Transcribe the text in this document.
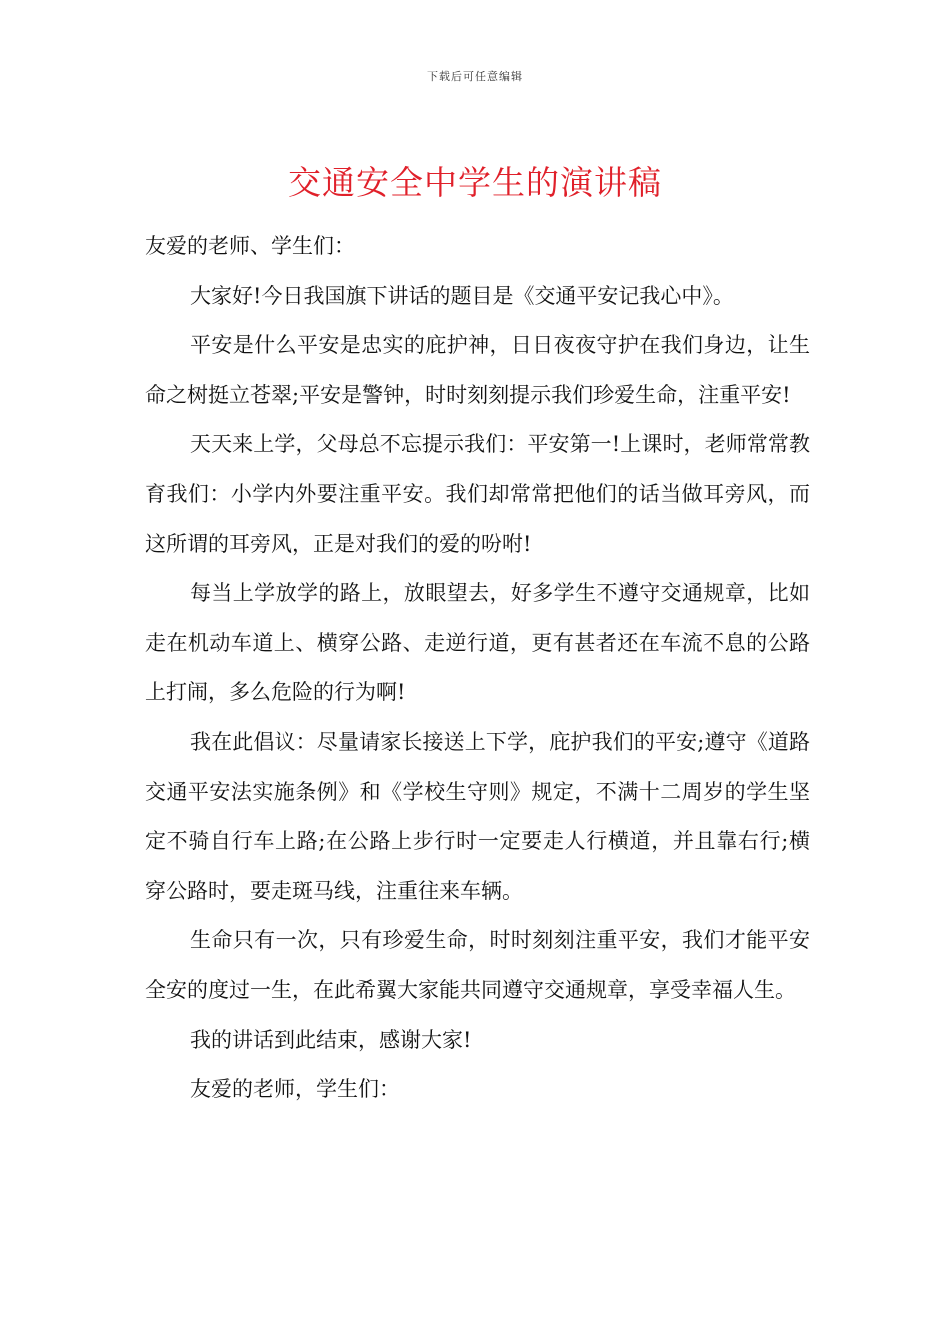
下载后可任意编辑
交通安全中学生的演讲稿

友爱的老师、学生们：

大家好!今日我国旗下讲话的题目是《交通平安记我心中》。

平安是什么平安是忠实的庇护神，日日夜夜守护在我们身边，让生命之树挺立苍翠;平安是警钟，时时刻刻提示我们珍爱生命，注重平安!

天天来上学，父母总不忘提示我们：平安第一!上课时，老师常常教育我们：小学内外要注重平安。我们却常常把他们的话当做耳旁风，而这所谓的耳旁风，正是对我们的爱的吩咐!

每当上学放学的路上，放眼望去，好多学生不遵守交通规章，比如走在机动车道上、横穿公路、走逆行道，更有甚者还在车流不息的公路上打闹，多么危险的行为啊!

我在此倡议：尽量请家长接送上下学，庇护我们的平安;遵守《道路交通平安法实施条例》和《学校生守则》规定，不满十二周岁的学生坚定不骑自行车上路;在公路上步行时一定要走人行横道，并且靠右行;横穿公路时，要走斑马线，注重往来车辆。

生命只有一次，只有珍爱生命，时时刻刻注重平安，我们才能平安全安的度过一生，在此希翼大家能共同遵守交通规章，享受幸福人生。

我的讲话到此结束，感谢大家!

友爱的老师，学生们：
